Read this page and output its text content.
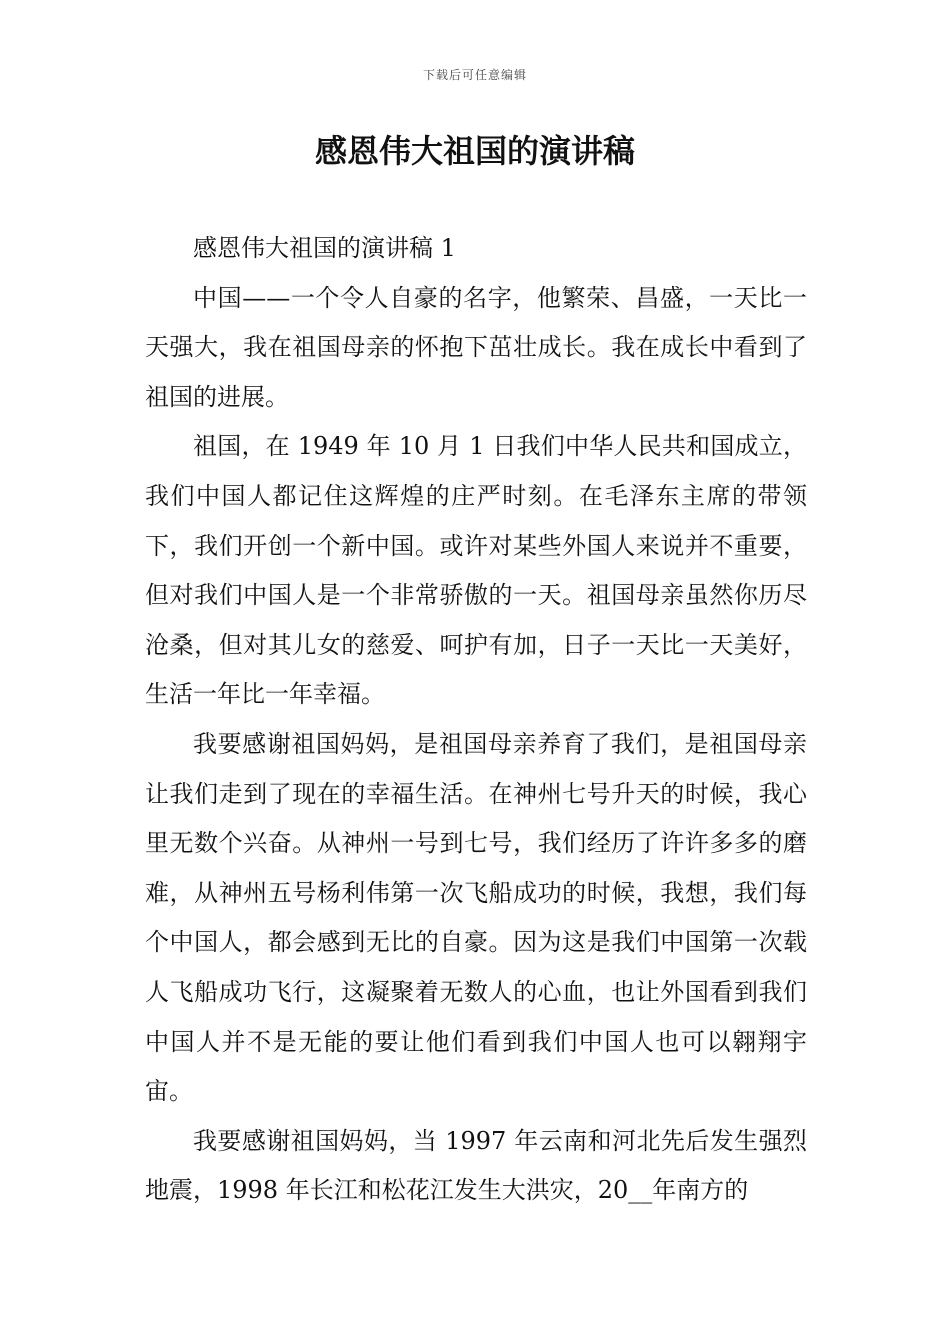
下载后可任意编辑
感恩伟大祖国的演讲稿

感恩伟大祖国的演讲稿 1

中国——一个令人自豪的名字，他繁荣、昌盛，一天比一天强大，我在祖国母亲的怀抱下茁壮成长。我在成长中看到了祖国的进展。

祖国，在 1949 年 10 月 1 日我们中华人民共和国成立，我们中国人都记住这辉煌的庄严时刻。在毛泽东主席的带领下，我们开创一个新中国。或许对某些外国人来说并不重要，但对我们中国人是一个非常骄傲的一天。祖国母亲虽然你历尽沧桑，但对其儿女的慈爱、呵护有加，日子一天比一天美好，生活一年比一年幸福。

我要感谢祖国妈妈，是祖国母亲养育了我们，是祖国母亲让我们走到了现在的幸福生活。在神州七号升天的时候，我心里无数个兴奋。从神州一号到七号，我们经历了许许多多的磨难，从神州五号杨利伟第一次飞船成功的时候，我想，我们每个中国人，都会感到无比的自豪。因为这是我们中国第一次载人飞船成功飞行，这凝聚着无数人的心血，也让外国看到我们中国人并不是无能的要让他们看到我们中国人也可以翱翔宇宙。

我要感谢祖国妈妈，当 1997 年云南和河北先后发生强烈地震，1998 年长江和松花江发生大洪灾，20__年南方的
